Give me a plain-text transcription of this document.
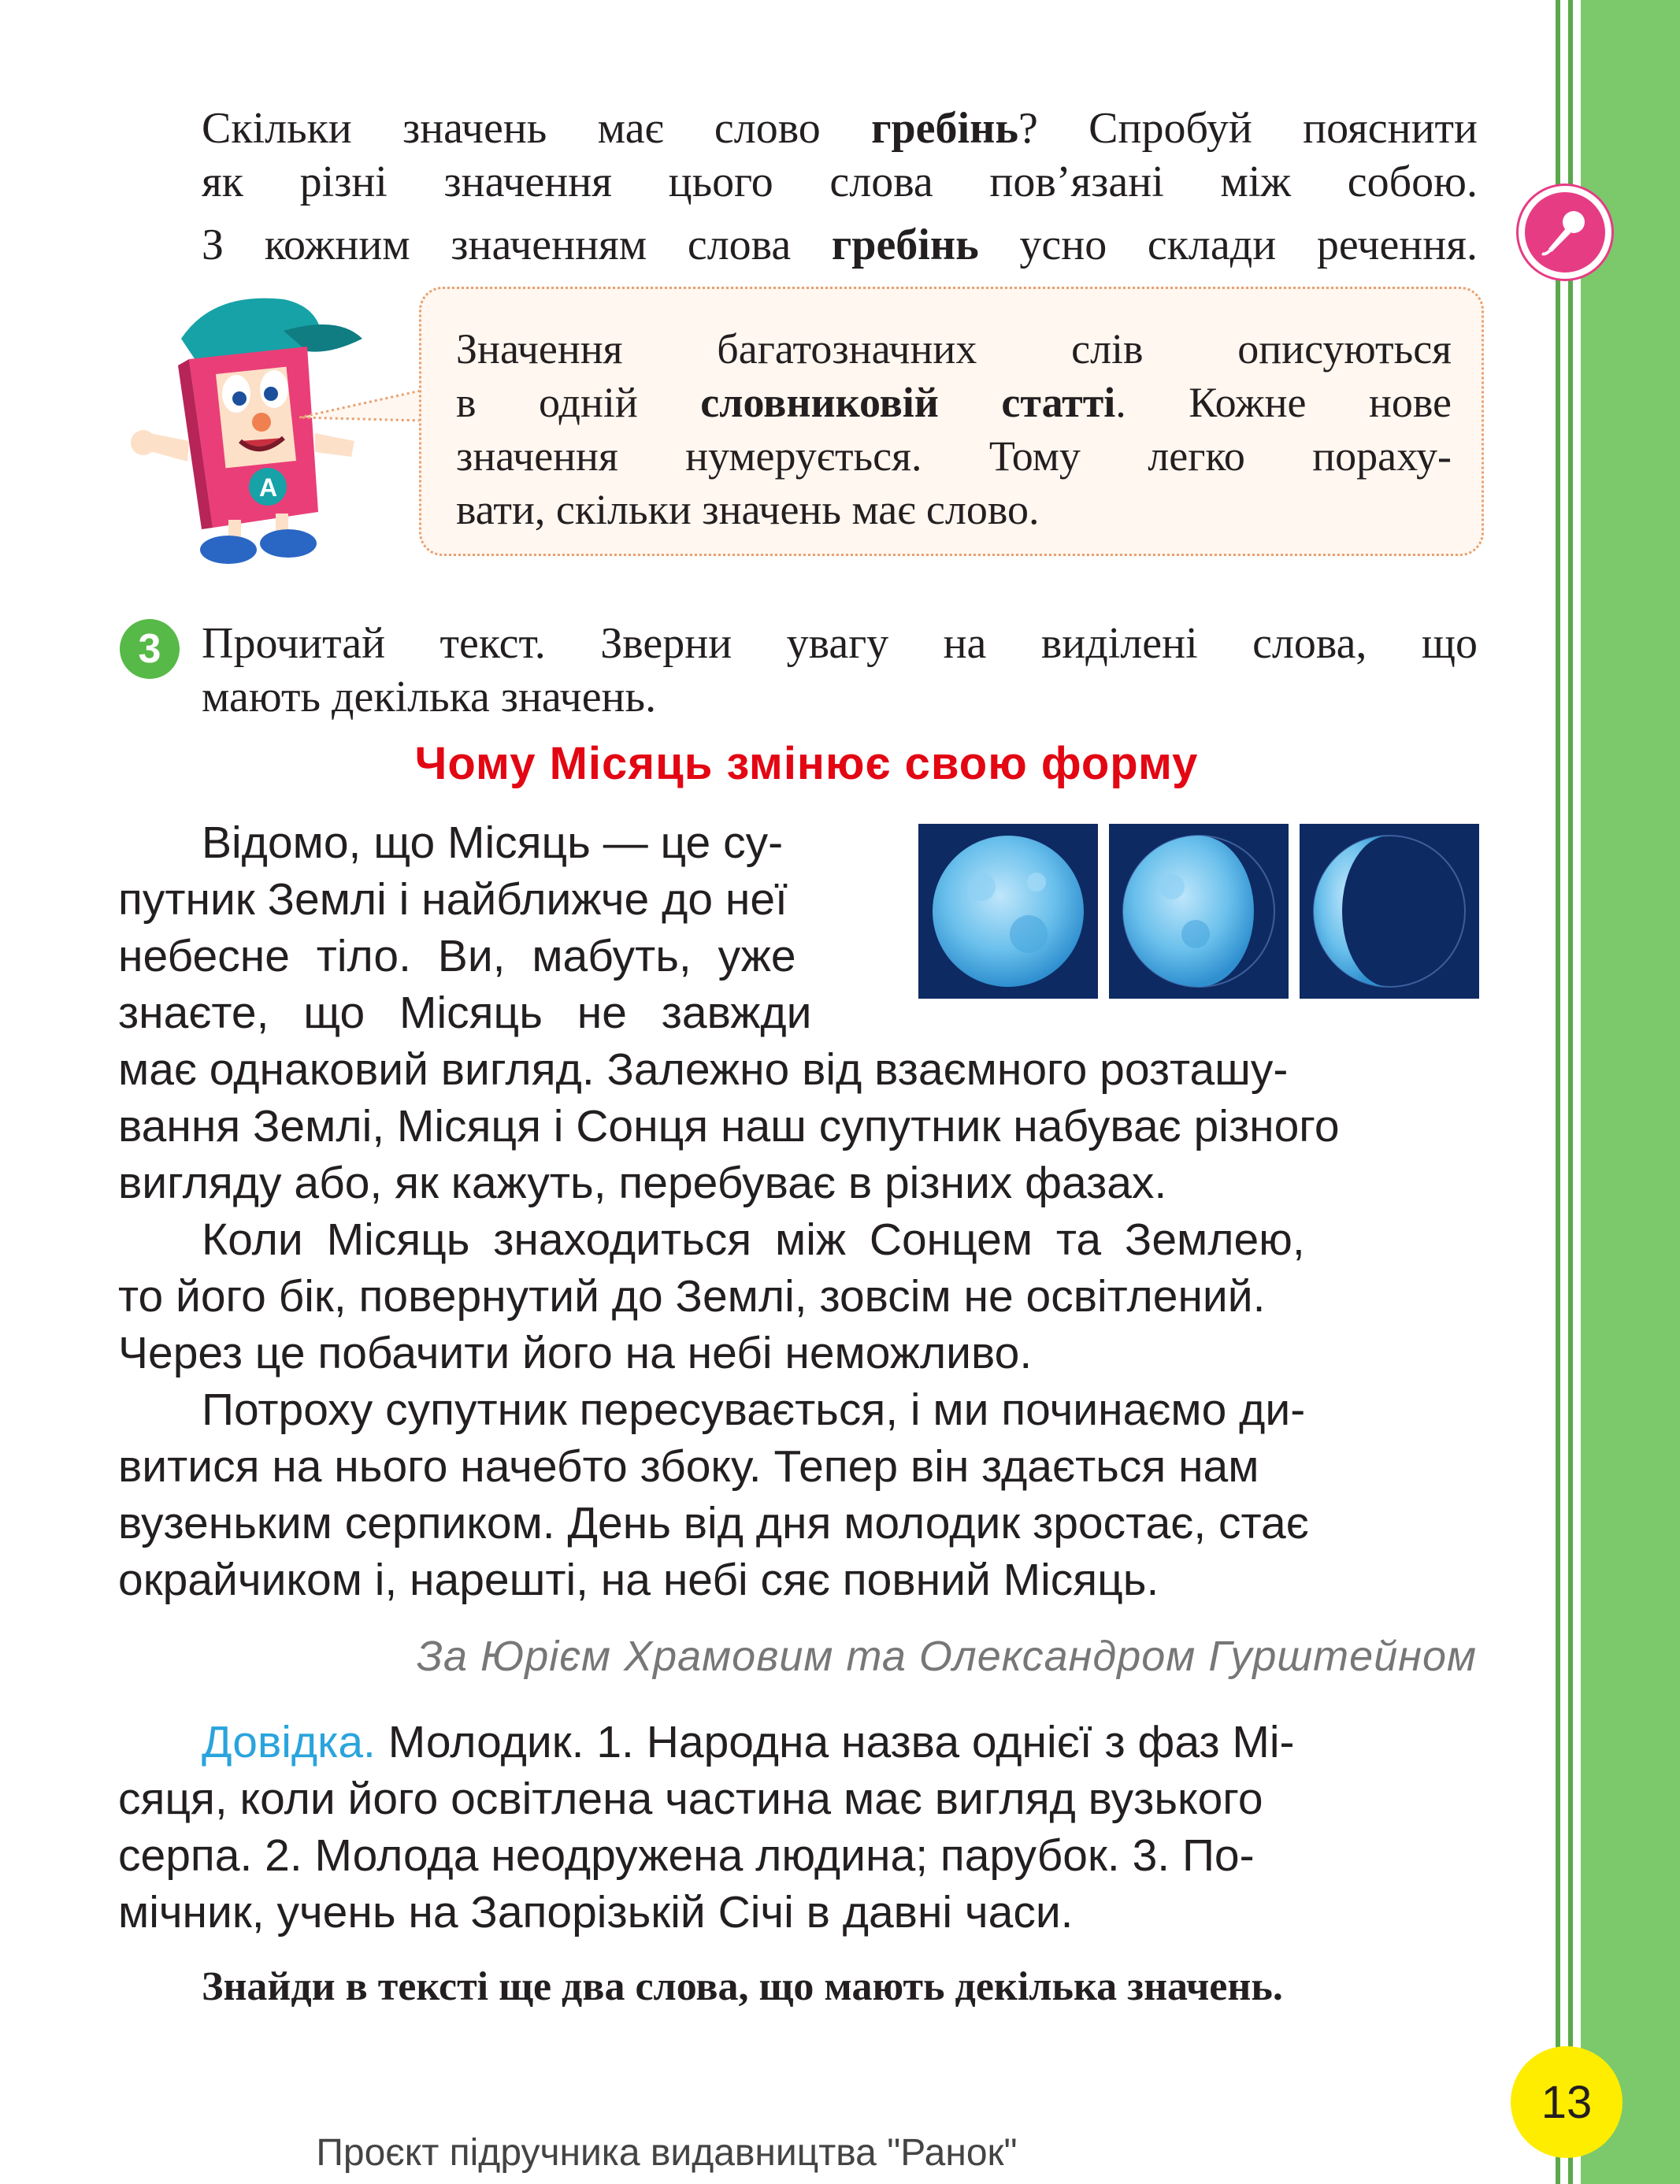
Скільки значень має слово гребінь? Спробуй пояснити

як різні значення цього слова пов’язані між собою.

З кожним значенням слова гребінь усно склади речення.

A

Значення багатозначних слів описуються
в одній словниковій статті. Кожне нове
значення нумерується. Тому легко пораху-
вати, скільки значень має слово.

3 Прочитай текст. Зверни увагу на виділені слова, що

мають декілька значень.

Чому Місяць змінює свою форму
Відомо, що Місяць — це су-
путник Землі і найближче до неї
небесне тіло. Ви, мабуть, уже
знаєте, що Місяць не завжди
має однаковий вигляд. Залежно від взаємного розташу-
вання Землі, Місяця і Сонця наш супутник набуває різного
вигляду або, як кажуть, перебуває в різних фазах.
Коли Місяць знаходиться між Сонцем та Землею,
то його бік, повернутий до Землі, зовсім не освітлений.
Через це побачити його на небі неможливо.
Потроху супутник пересувається, і ми починаємо ди-
витися на нього начебто збоку. Тепер він здається нам
вузеньким серпиком. День від дня молодик зростає, стає
окрайчиком і, нарешті, на небі сяє повний Місяць.
За Юрієм Храмовим та Олександром Гурштейном
Довідка. Молодик. 1. Народна назва однієї з фаз Мі-
сяця, коли його освітлена частина має вигляд вузького
серпа. 2. Молода неодружена людина; парубок. 3. По-
мічник, учень на Запорізькій Січі в давні часи.

Знайди в тексті ще два слова, що мають декілька значень.

13
Проєкт підручника видавництва "Ранок"
